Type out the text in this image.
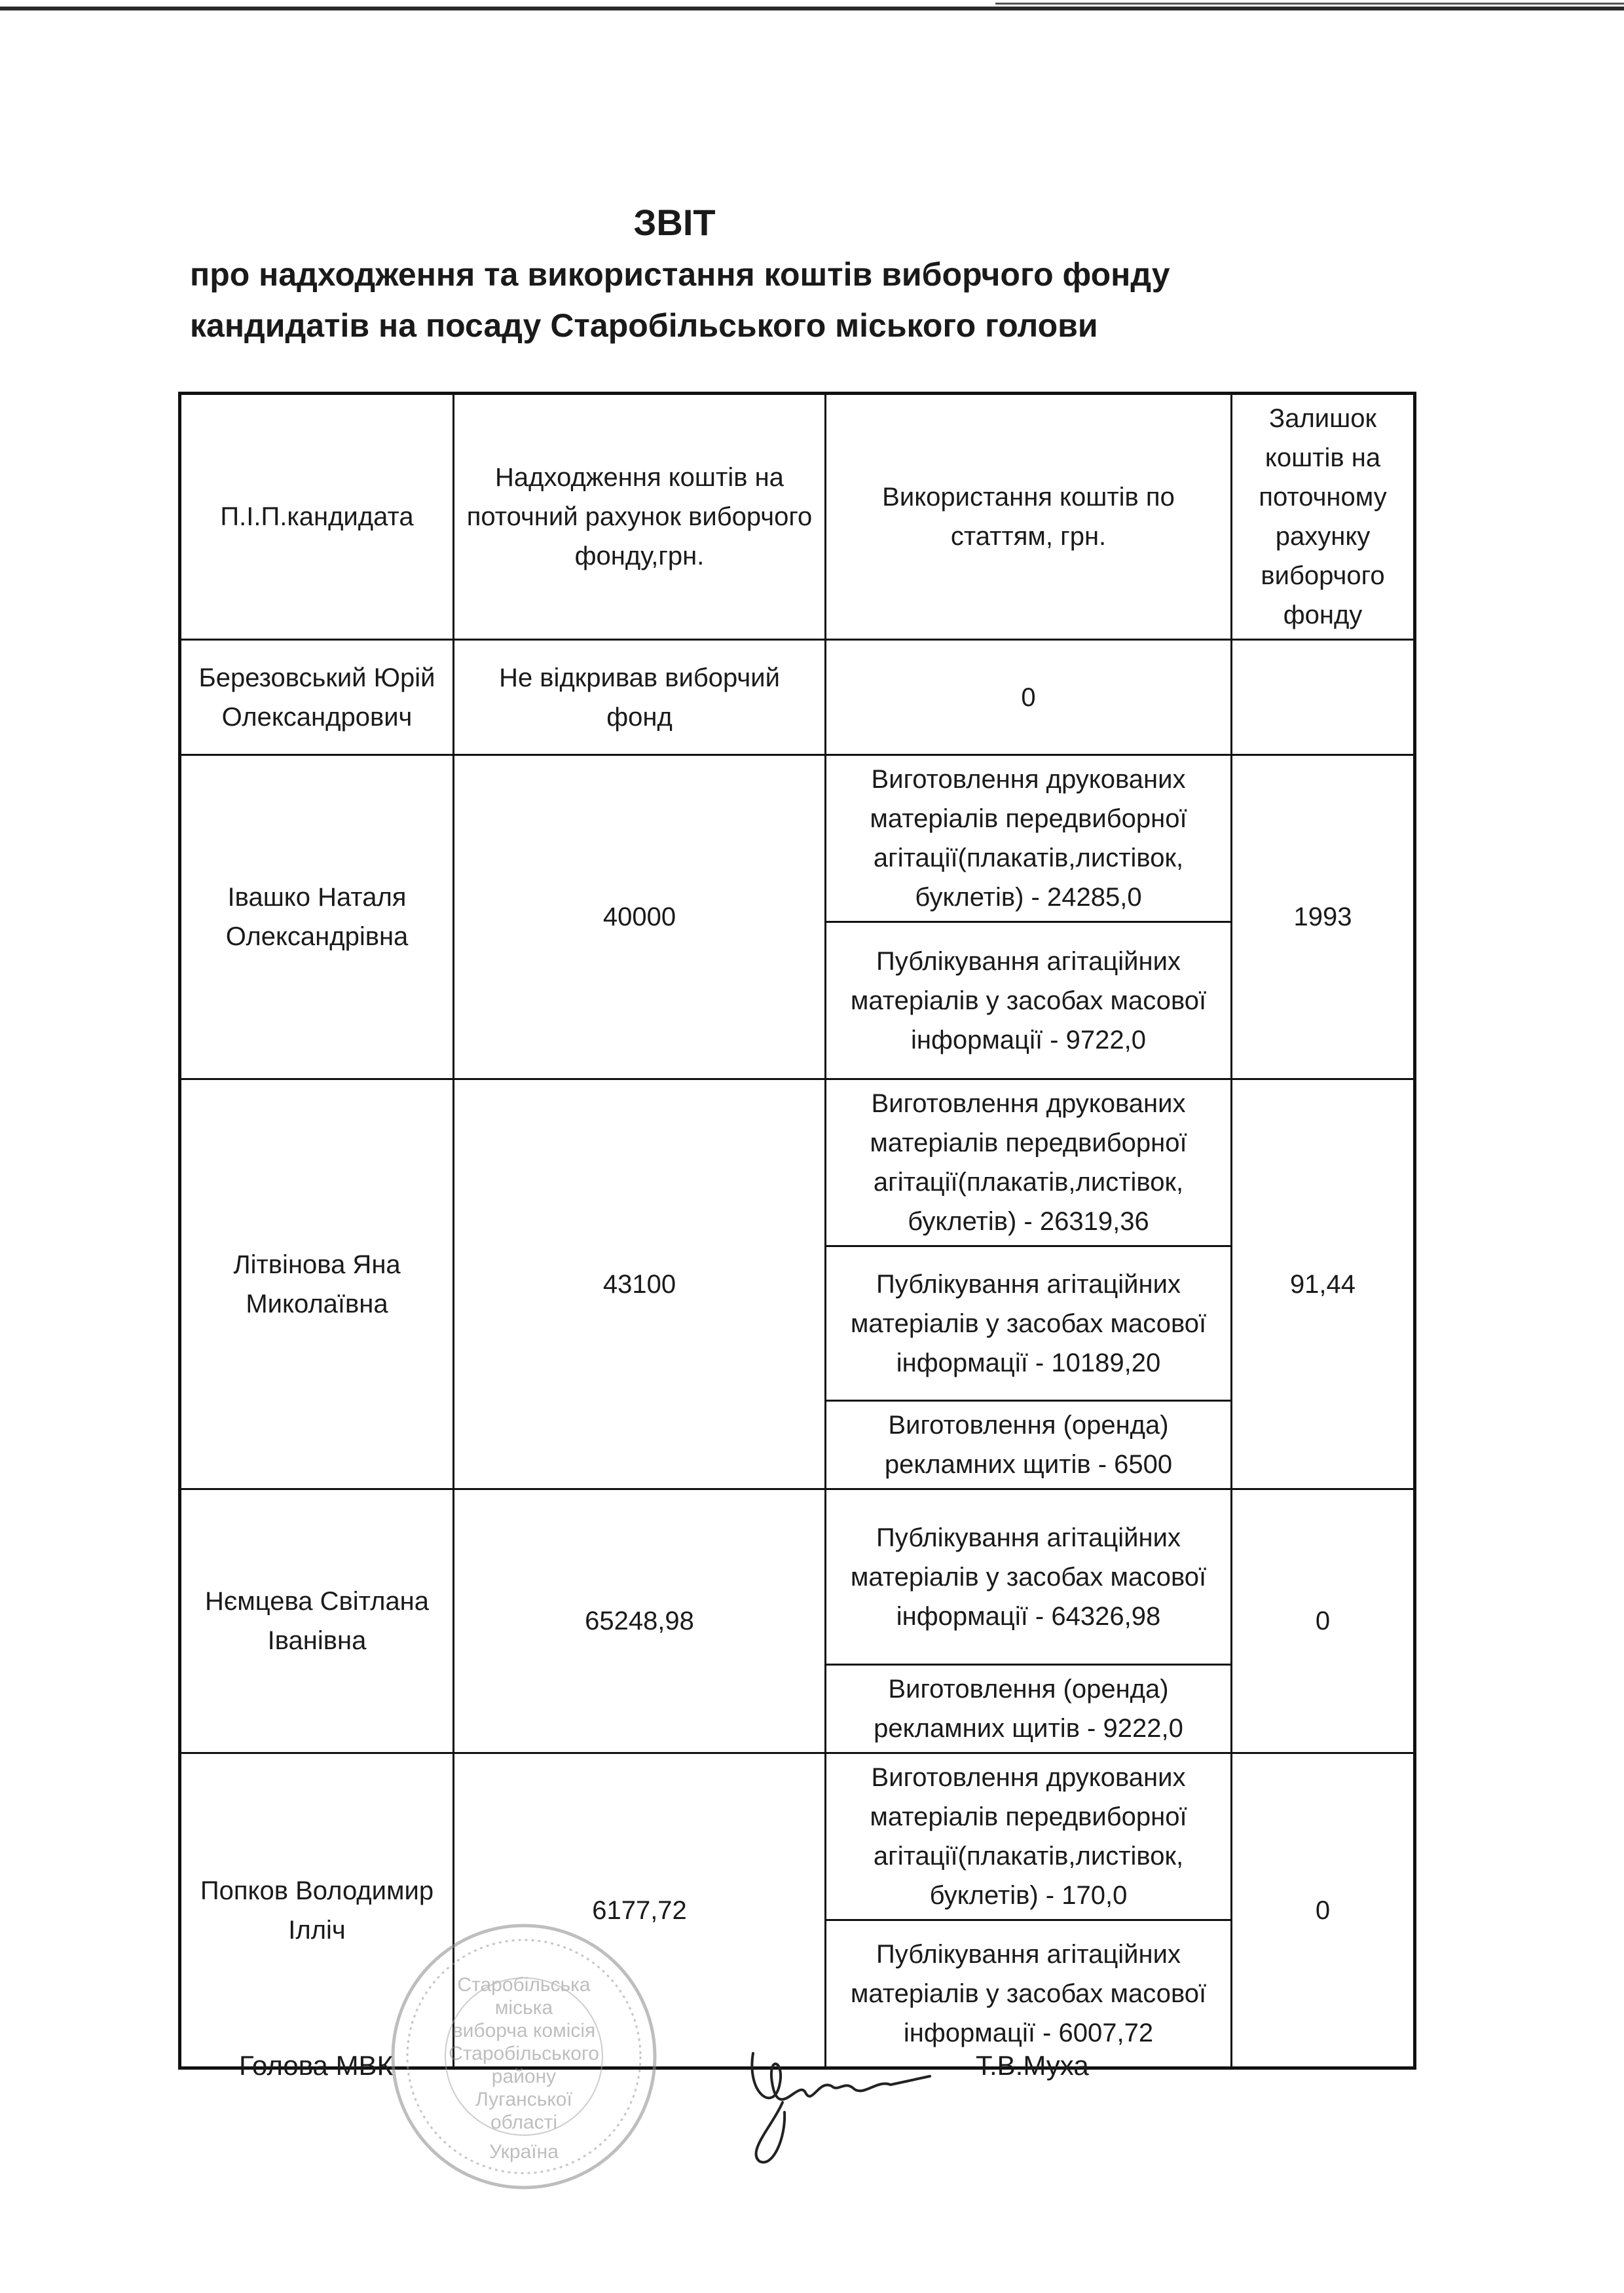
ЗВІТ
про надходження та використання коштів виборчого фонду
кандидатів на посаду Старобільського міського голови
П.І.П.кандидата	Надходження коштів на поточний рахунок виборчого фонду,грн.	Використання коштів по статтям, грн.	Залишок коштів на поточному рахунку виборчого фонду
Березовський Юрій Олександрович	Не відкривав виборчий фонд	0	
Івашко Наталя Олександрівна	40000	Виготовлення друкованих матеріалів передвиборної агітації(плакатів,листівок, буклетів) - 24285,0	1993
		Публікування агітаційних матеріалів у засобах масової інформації - 9722,0	
Літвінова Яна Миколаївна	43100	Виготовлення друкованих матеріалів передвиборної агітації(плакатів,листівок, буклетів) - 26319,36	91,44
		Публікування агітаційних матеріалів у засобах масової інформації - 10189,20	
		Виготовлення (оренда) рекламних щитів - 6500	
Нємцева Світлана Іванівна	65248,98	Публікування агітаційних матеріалів у засобах масової інформації - 64326,98	0
		Виготовлення (оренда) рекламних щитів - 9222,0	
Попков Володимир Ілліч	6177,72	Виготовлення друкованих матеріалів передвиборної агітації(плакатів,листівок, буклетів) - 170,0	0
		Публікування агітаційних матеріалів у засобах масової інформації - 6007,72	
Старобільська
міська
виборча комісія
Старобільського
району
Луганської
області
Україна
Голова МВК	Т.В.Муха
